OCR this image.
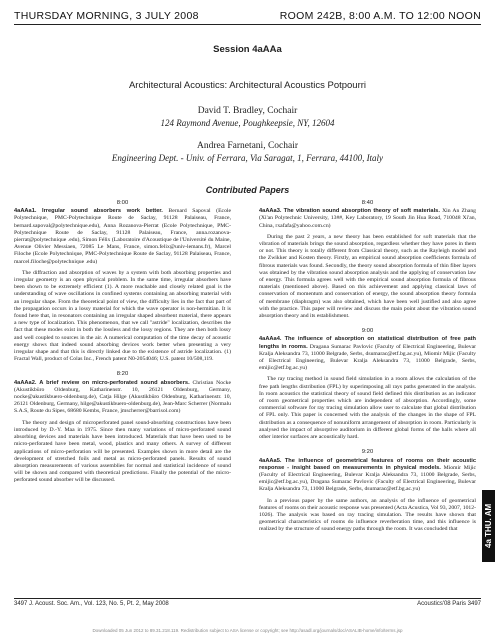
THURSDAY MORNING, 3 JULY 2008	ROOM 242B, 8:00 A.M. TO 12:00 NOON
Session 4aAAa
Architectural Acoustics: Architectural Acoustics Potpourri
David T. Bradley, Cochair
124 Raymond Avenue, Poughkeepsie, NY, 12604
Andrea Farnetani, Cochair
Engineering Dept. - Univ. of Ferrara, Via Saragat, 1, Ferrara, 44100, Italy
Contributed Papers
8:00

4aAAa1. Irregular sound absorbers work better. Bernard Sapoval (Ecole Polytechnique, PMC-Polytechnique Route de Saclay, 91128 Palaiseau, France, bernard.sapoval@polytechnique.edu), Anna Rozanova-Pierrat (Ecole Polytechnique, PMC-Polytechnique Route de Saclay, 91128 Palaiseau, France, anna.rozanova-pierrat@polytechnique .edu), Simon Félix (Laboratoire d'Acoustique de l'Université du Maine, Avenue Olivier Messiaen, 72085 Le Mans, France, simon.felix@univ-lemans.fr), Marcel Filoche (Ecole Polytechnique, PMC-Polytechnique Route de Saclay, 91128 Palaiseau, France, marcel.filoche@polytechnique .edu)

The diffraction and absorption of waves by a system with both absorbing properties and irregular geometry is an open physical problem. In the same time, irregular absorbers have been shown to be extremely efficient (1). A more reachable and closely related goal is the understanding of wave oscillations in confined systems containing an absorbing material with an irregular shape. From the theoretical point of view, the difficulty lies in the fact that part of the propagation occurs in a lossy material for which the wave operator is non-hermitian. It is found here that, in resonators containing an irregular shaped absorbent material, there appears a new type of localization. This phenomenon, that we call "astride" localization, describes the fact that these modes exist in both the lossless and the lossy regions. They are then both lossy and well coupled to sources in the air. A numerical computation of the time decay of acoustic energy shows that indeed sound absorbing devices work better when presenting a very irregular shape and that this is directly linked due to the existence of astride localization. (1) Fractal Wall, product of Colas Inc., French patent N0-2054046; U.S. patent 10/508,119.

8:20

4aAAa2. A brief review on micro-perforated sound absorbers. Christian Nocke (Akustikbüro Oldenburg, Katharinenstr. 10, 26121 Oldenburg, Germany, nocke@akustikbuero-oldenburg.de), Catja Hilge (Akustikbüro Oldenburg, Katharinenstr. 10, 26121 Oldenburg, Germany, hilge@akustikbuero-oldenburg.de), Jean-Marc Scherrer (Normalu S.A.S, Route du Sipes, 68680 Kembs, France, jmscherrer@barrisol.com)

The theory and design of microperforated panel sound-absorbing constructions have been introduced by D.-Y. Maa in 1975. Since then many variations of micro-perforated sound absorbing devices and materials have been introduced. Materials that have been used to be micro-perforated have been metal, wood, plastics and many others. A survey of different applications of micro-perforation will be presented. Examples shown in more detail are the development of stretched foils and metal as micro-perforated panels. Results of sound absorption measurements of various assemblies for normal and statistical incidence of sound will be shown and compared with theoretical predictions. Finally the potential of the micro-perforated sound absorber will be discussed.

8:40

4aAAa3. The vibration sound absorption theory of soft materials. Xin An Zhang (Xi'an Polytechnic University, 13##, Key Laboratory, 19 South Jin Hua Road, 710048 Xi'an, China, rxafafa@yahoo.com.cn)

During the past 2 years, a new theory has been established for soft materials that the vibration of materials brings the sound absorption, regardless whether they have pores in them or not. This theory is totally different from Classical theory, such as the Rayleigh model and the Zwikker and Kosten theory. Firstly, an empirical sound absorption coefficients formula of fibrous materials was found. Secondly, the theory sound absorption formula of thin fiber layers was obtained by the vibration sound absorption analysis and the applying of conservation law of energy. This formula agrees well with the empirical sound absorption formula of fibrous materials (mentioned above). Based on this achievement and applying classical laws of conservation of momentum and conservation of energy, the sound absorption theory formula of membrane (diaphragm) was also obtained, which have been well justified and also agree with the practice. This paper will review and discuss the main point about the vibration sound absorption theory and its establishment.

9:00

4aAAa4. The influence of absorption on statistical distribution of free path lengths in rooms. Dragana Sumarac Pavlovic (Faculty of Electrical Engineering, Bulevar Kralja Aleksandra 73, 11000 Belgrade, Serbs, dsumarac@etf.bg.ac.yu), Miomir Mijic (Faculty of Electrical Engineering, Bulevar Kralja Aleksandra 73, 11000 Belgrade, Serbs, emijic@etf.bg.ac.yu)

The ray tracing method in sound field simulation in a room allows the calculation of the free path lengths distribution (FPL) by superimposing all rays paths generated in the analysis. In room acoustics the statistical theory of sound field defined this distribution as an indicator of room geometrical properties which are independent of absorption. Accordingly, some commercial software for ray tracing simulation allow user to calculate that global distribution of FPL only. This paper is concerned with the analysis of the changes in the shape of FPL distribution as a consequence of nonuniform arrangement of absorption in room. Particularly is analysed the impact of absorptive auditorium in different global forms of the halls where all other interior surfaces are acoustically hard.

9:20

4aAAa5. The influence of geometrical features of rooms on their acoustic response - insight based on measurements in physical models. Miomir Mijic (Faculty of Electrical Engineering, Bulevar Kralja Aleksandra 73, 11000 Belgrade, Serbs, emijic@etf.bg.ac.yu), Dragana Sumarac Pavlovic (Faculty of Electrical Engineering, Bulevar Kralja Aleksandra 73, 11000 Belgrade, Serbs, dsumarac@etf.bg.ac.yu)

In a previous paper by the same authors, an analysis of the influence of geometrical features of rooms on their acoustic response was presented (Acta Acustica, Vol 93, 2007, 1012-1026). The analysis was based on ray tracing simulation. The results have shown that geometrical characteristics of rooms do influence reverberation time, and this influence is realized by the structure of sound energy paths through the room. It was concluded that	4a THU. AM
3497 J. Acoust. Soc. Am., Vol. 123, No. 5, Pt. 2, May 2008	Acoustics'08 Paris 3497
Downloaded 05 Jun 2012 to 89.31.218.119. Redistribution subject to ASA license or copyright; see http://asadl.org/journals/doc/ASALIB-home/info/terms.jsp
